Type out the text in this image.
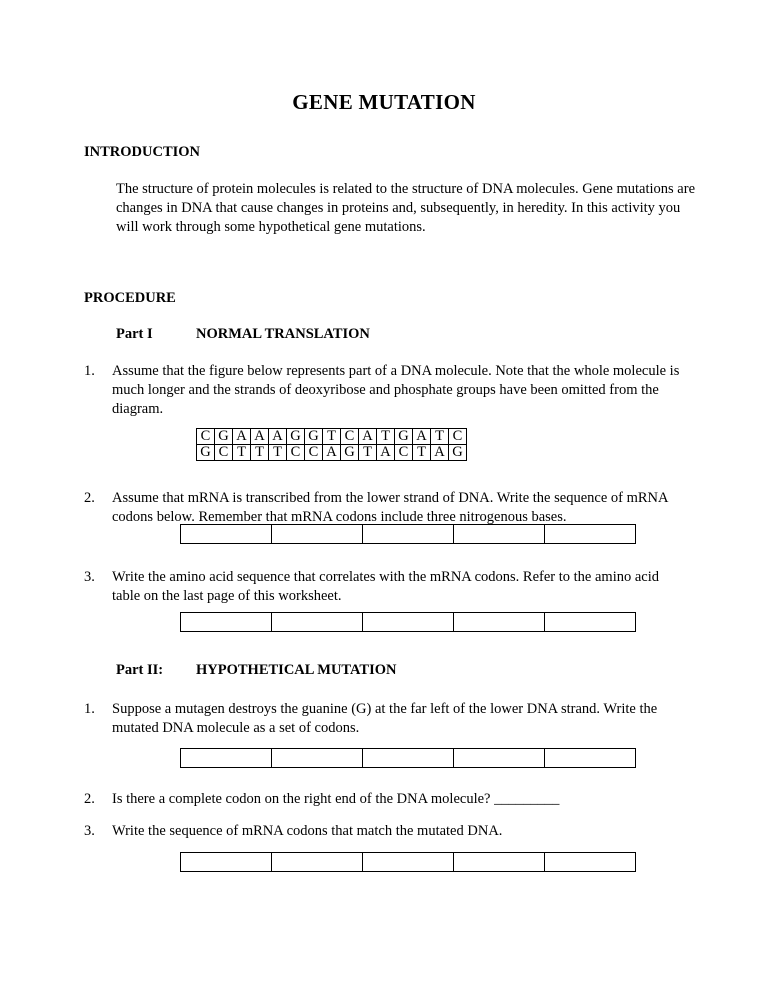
GENE MUTATION
INTRODUCTION
The structure of protein molecules is related to the structure of DNA molecules. Gene mutations are changes in DNA that cause changes in proteins and, subsequently, in heredity. In this activity you will work through some hypothetical gene mutations.
PROCEDURE
Part I	NORMAL TRANSLATION
1. Assume that the figure below represents part of a DNA molecule. Note that the whole molecule is much longer and the strands of deoxyribose and phosphate groups have been omitted from the diagram.
C	G	A	A	A	G	G	T	C	A	T	G	A	T	C
G	C	T	T	T	C	C	A	G	T	A	C	T	A	G
2. Assume that mRNA is transcribed from the lower strand of DNA. Write the sequence of mRNA codons below. Remember that mRNA codons include three nitrogenous bases.
3. Write the amino acid sequence that correlates with the mRNA codons. Refer to the amino acid table on the last page of this worksheet.
Part II: HYPOTHETICAL MUTATION
1. Suppose a mutagen destroys the guanine (G) at the far left of the lower DNA strand. Write the mutated DNA molecule as a set of codons.
2. Is there a complete codon on the right end of the DNA molecule? _________
3. Write the sequence of mRNA codons that match the mutated DNA.
